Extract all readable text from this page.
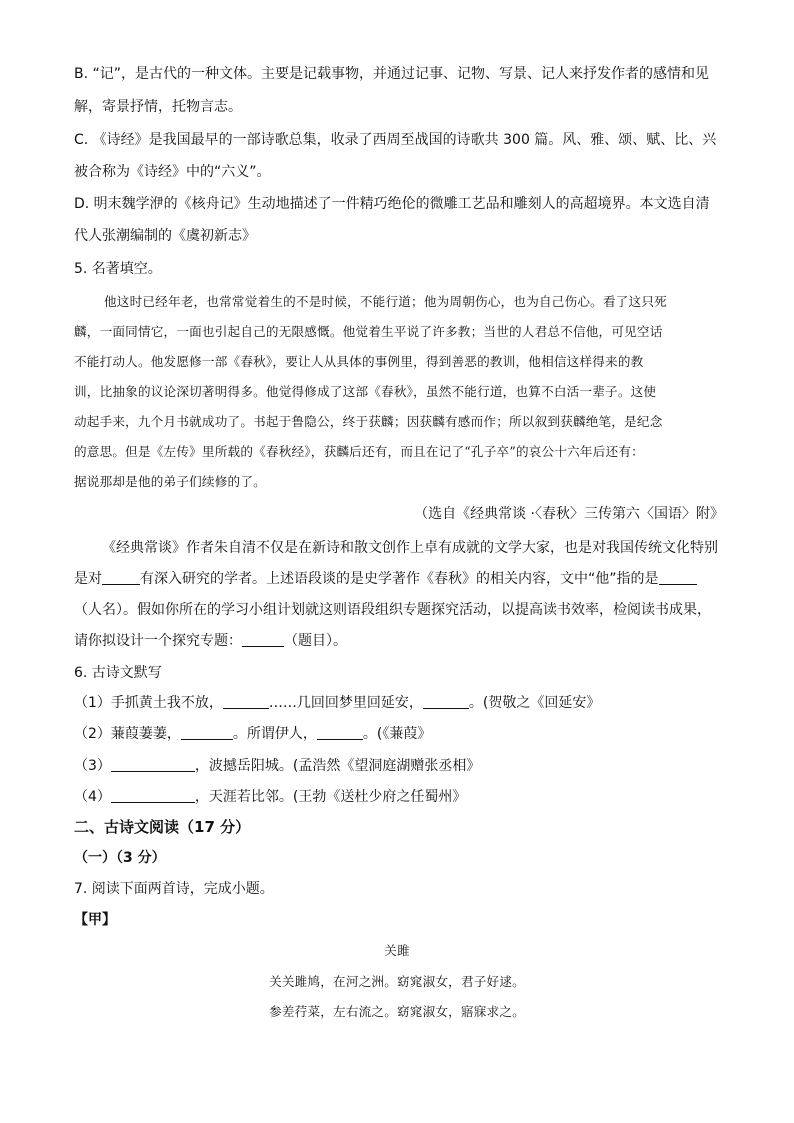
B. “记”，是古代的一种文体。主要是记载事物，并通过记事、记物、写景、记人来抒发作者的感情和见
解，寄景抒情，托物言志。
C. 《诗经》是我国最早的一部诗歌总集，收录了西周至战国的诗歌共 300 篇。风、雅、颂、赋、比、兴
被合称为《诗经》中的“六义”。
D. 明末魏学洢的《核舟记》生动地描述了一件精巧绝伦的微雕工艺品和雕刻人的高超境界。本文选自清
代人张潮编制的《虞初新志》
5. 名著填空。
他这时已经年老，也常常觉着生的不是时候，不能行道；他为周朝伤心，也为自己伤心。看了这只死
麟，一面同情它，一面也引起自己的无限感慨。他觉着生平说了许多教；当世的人君总不信他，可见空话
不能打动人。他发愿修一部《春秋》，要让人从具体的事例里，得到善恶的教训，他相信这样得来的教
训，比抽象的议论深切著明得多。他觉得修成了这部《春秋》，虽然不能行道，也算不白活一辈子。这使
动起手来，九个月书就成功了。书起于鲁隐公，终于获麟；因获麟有感而作；所以叙到获麟绝笔，是纪念
的意思。但是《左传》里所载的《春秋经》，获麟后还有，而且在记了“孔子卒”的哀公十六年后还有：
据说那却是他的弟子们续修的了。
（选自《经典常谈 ·〈春秋〉三传第六〈国语〉附》
《经典常谈》作者朱自清不仅是在新诗和散文创作上卓有成就的文学大家，也是对我国传统文化特别
是对	有深入研究的学者。上述语段谈的是史学著作《春秋》的相关内容，文中“他”指的是
（人名）。假如你所在的学习小组计划就这则语段组织专题探究活动，以提高读书效率，检阅读书成果，
请你拟设计一个探究专题：	（题目）。
6. 古诗文默写
（1）手抓黄土我不放，	……几回回梦里回延安，	。(贺敬之《回延安》
（2）蒹葭萋萋，	。所谓伊人，	。(《蒹葭》
（3）	，波撼岳阳城。(孟浩然《望洞庭湖赠张丞相》
（4）	，天涯若比邻。(王勃《送杜少府之任蜀州》
二、古诗文阅读（17 分）
（一）（3 分）
7. 阅读下面两首诗，完成小题。
【甲】
关雎
关关雎鸠，在河之洲。窈窕淑女，君子好逑。
参差荇菜，左右流之。窈窕淑女，寤寐求之。
